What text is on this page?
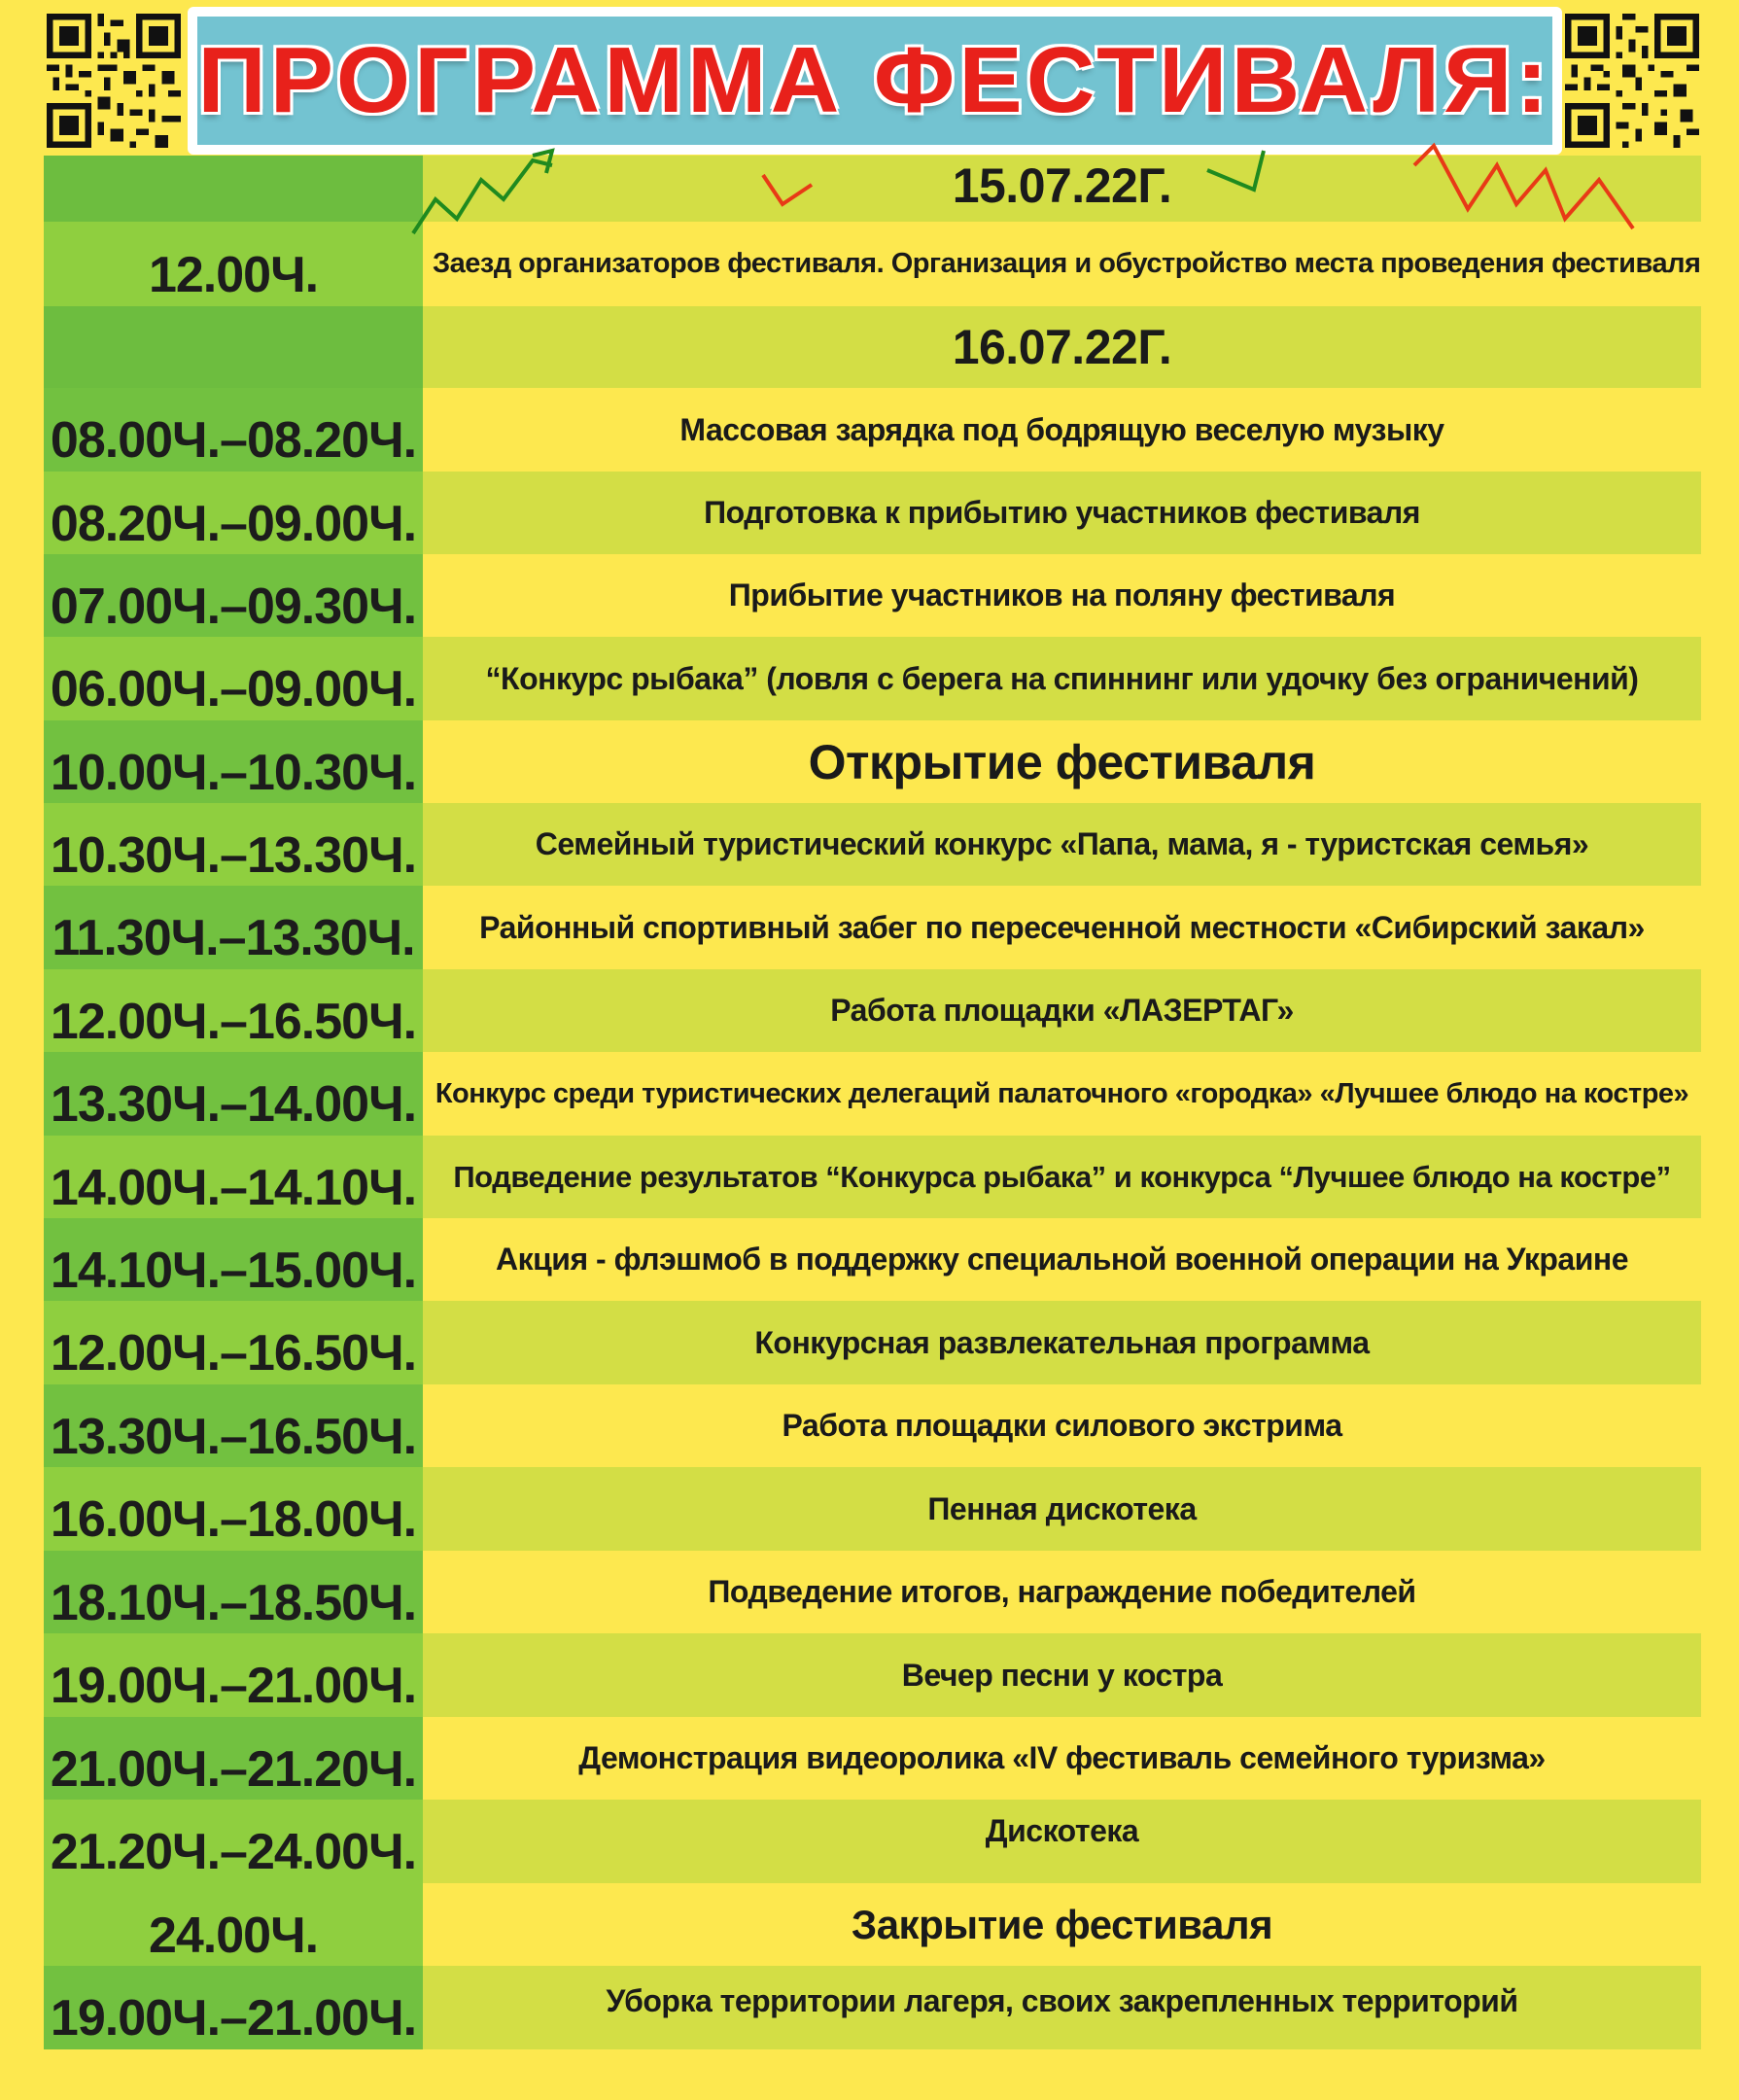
ПРОГРАММА ФЕСТИВАЛЯ:
15.07.22Г.
12.00Ч.	Заезд организаторов фестиваля. Организация и обустройство места проведения фестиваля
16.07.22Г.
08.00Ч.–08.20Ч.	Массовая зарядка под бодрящую веселую музыку
08.20Ч.–09.00Ч.	Подготовка к прибытию участников фестиваля
07.00Ч.–09.30Ч.	Прибытие участников на поляну фестиваля
06.00Ч.–09.00Ч.	“Конкурс рыбака” (ловля с берега на спиннинг или удочку без ограничений)
10.00Ч.–10.30Ч.	Открытие фестиваля
10.30Ч.–13.30Ч.	Семейный туристический конкурс «Папа, мама, я - туристская семья»
11.30Ч.–13.30Ч.	Районный спортивный забег по пересеченной местности «Сибирский закал»
12.00Ч.–16.50Ч.	Работа площадки «ЛАЗЕРТАГ»
13.30Ч.–14.00Ч. Конкурс среди туристических делегаций палаточного «городка» «Лучшее блюдо на костре»
14.00Ч.–14.10Ч.	Подведение результатов “Конкурса рыбака” и конкурса “Лучшее блюдо на костре”
14.10Ч.–15.00Ч.	Акция - флэшмоб в поддержку специальной военной операции на Украине
12.00Ч.–16.50Ч.	Конкурсная развлекательная программа
13.30Ч.–16.50Ч.	Работа площадки силового экстрима
16.00Ч.–18.00Ч.	Пенная дискотека
18.10Ч.–18.50Ч.	Подведение итогов, награждение победителей
19.00Ч.–21.00Ч.	Вечер песни у костра
21.00Ч.–21.20Ч.	Демонстрация видеоролика «IV фестиваль семейного туризма»
21.20Ч.–24.00Ч.	Дискотека
24.00Ч.	Закрытие фестиваля
19.00Ч.–21.00Ч.	Уборка территории лагеря, своих закрепленных территорий
